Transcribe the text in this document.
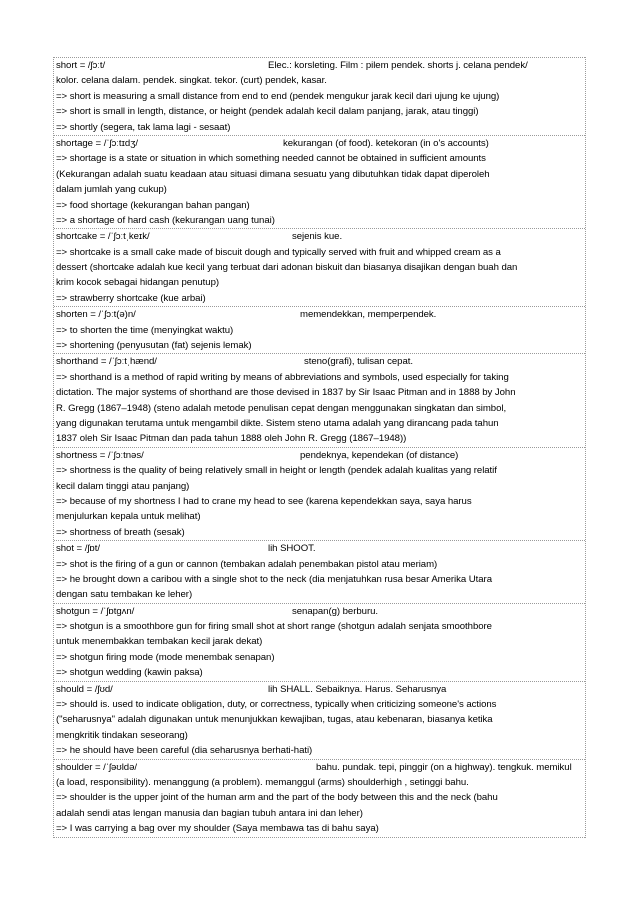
short = /ʃɔːt/	Elec.: korsleting. Film : pilem pendek. shorts j. celana pendek/
kolor. celana dalam. pendek. singkat. tekor. (curt) pendek, kasar.
=> short is measuring a small distance from end to end (pendek mengukur jarak kecil dari ujung ke ujung)
=> short is small in length, distance, or height (pendek adalah kecil dalam panjang, jarak, atau tinggi)
=> shortly (segera, tak lama lagi - sesaat)
shortage = /ˈʃɔːtɪdʒ/	kekurangan (of food). ketekoran (in o's accounts)
=> shortage is a state or situation in which something needed cannot be obtained in sufficient amounts
(Kekurangan adalah suatu keadaan atau situasi dimana sesuatu yang dibutuhkan tidak dapat diperoleh
dalam jumlah yang cukup)
=> food shortage (kekurangan bahan pangan)
=> a shortage of hard cash (kekurangan uang tunai)
shortcake = /ˈʃɔːtˌkeɪk/	sejenis kue.
=> shortcake is a small cake made of biscuit dough and typically served with fruit and whipped cream as a
dessert (shortcake adalah kue kecil yang terbuat dari adonan biskuit dan biasanya disajikan dengan buah dan
krim kocok sebagai hidangan penutup)
=> strawberry shortcake (kue arbai)
shorten = /ˈʃɔːt(ə)n/	memendekkan, memperpendek.
=> to shorten the time (menyingkat waktu)
=> shortening (penyusutan (fat) sejenis lemak)
shorthand = /ˈʃɔːtˌhænd/	steno(grafi), tulisan cepat.
=> shorthand is a method of rapid writing by means of abbreviations and symbols, used especially for taking
dictation. The major systems of shorthand are those devised in 1837 by Sir Isaac Pitman and in 1888 by John
R. Gregg (1867–1948) (steno adalah metode penulisan cepat dengan menggunakan singkatan dan simbol,
yang digunakan terutama untuk mengambil dikte. Sistem steno utama adalah yang dirancang pada tahun
1837 oleh Sir Isaac Pitman dan pada tahun 1888 oleh John R. Gregg (1867–1948))
shortness = /ˈʃɔːtnəs/	pendeknya, kependekan (of distance)
=> shortness is the quality of being relatively small in height or length (pendek adalah kualitas yang relatif
kecil dalam tinggi atau panjang)
=> because of my shortness I had to crane my head to see (karena kependekkan saya, saya harus
menjulurkan kepala untuk melihat)
=> shortness of breath (sesak)
shot = /ʃɒt/	lih SHOOT.
=> shot is the firing of a gun or cannon (tembakan adalah penembakan pistol atau meriam)
=> he brought down a caribou with a single shot to the neck (dia menjatuhkan rusa besar Amerika Utara
dengan satu tembakan ke leher)
shotgun = /ˈʃɒtɡʌn/	senapan(g) berburu.
=> shotgun is a smoothbore gun for firing small shot at short range (shotgun adalah senjata smoothbore
untuk menembakkan tembakan kecil jarak dekat)
=> shotgun firing mode (mode menembak senapan)
=> shotgun wedding (kawin paksa)
should = /ʃʊd/	lih SHALL. Sebaiknya. Harus. Seharusnya
=> should is. used to indicate obligation, duty, or correctness, typically when criticizing someone's actions
("seharusnya" adalah digunakan untuk menunjukkan kewajiban, tugas, atau kebenaran, biasanya ketika
mengkritik tindakan seseorang)
=> he should have been careful (dia seharusnya berhati-hati)
shoulder = /ˈʃəʊldə/	bahu. pundak. tepi, pinggir (on a highway). tengkuk. memikul
(a load, responsibility). menanggung (a problem). memanggul (arms) shoulderhigh , setinggi bahu.
=> shoulder is the upper joint of the human arm and the part of the body between this and the neck (bahu
adalah sendi atas lengan manusia dan bagian tubuh antara ini dan leher)
=> I was carrying a bag over my shoulder (Saya membawa tas di bahu saya)
